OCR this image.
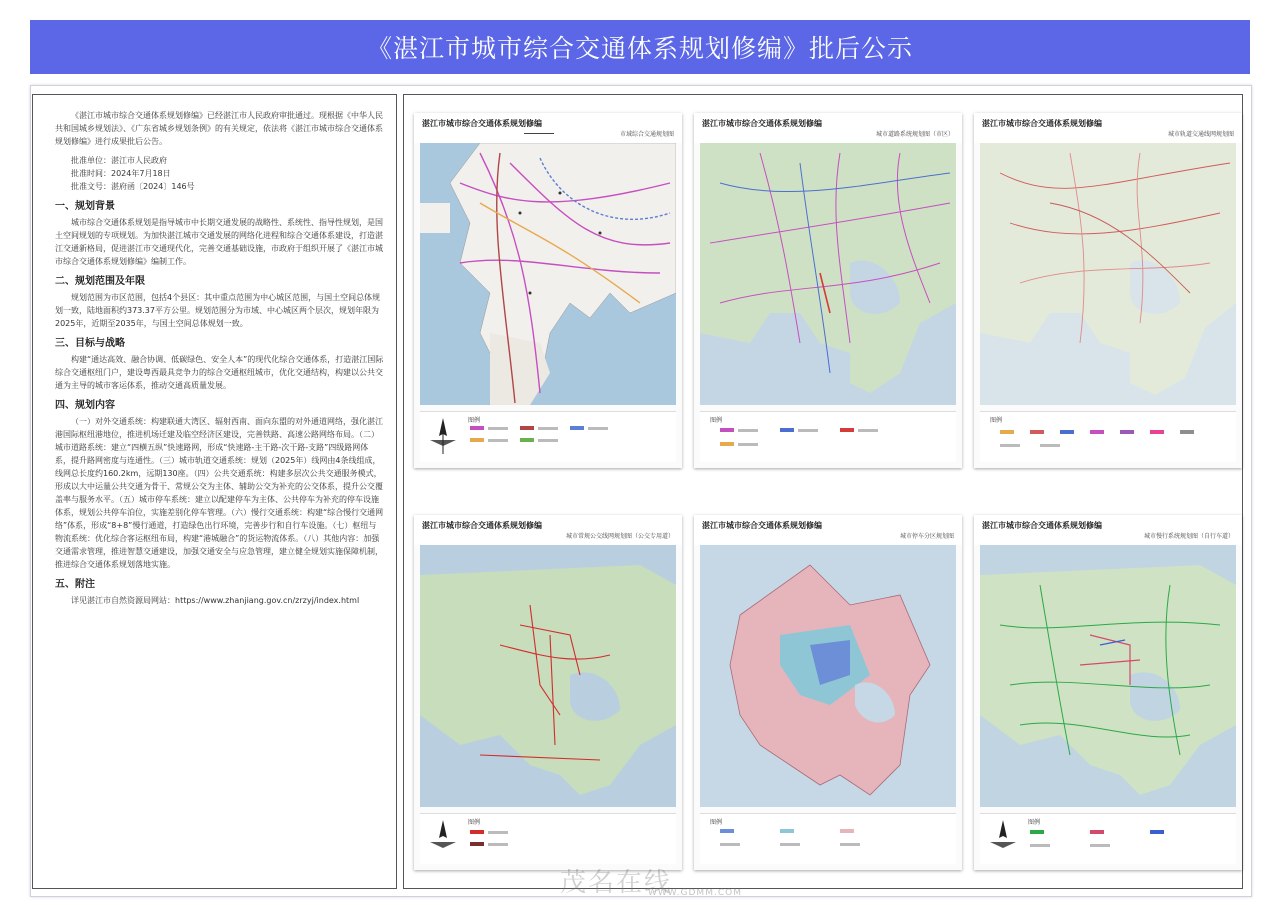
《湛江市城市综合交通体系规划修编》批后公示

《湛江市城市综合交通体系规划修编》已经湛江市人民政府审批通过。现根据《中华人民共和国城乡规划法》、《广东省城乡规划条例》的有关规定，依法将《湛江市城市综合交通体系规划修编》进行成果批后公告。

批准单位：湛江市人民政府
批准时间：2024年7月18日
批准文号：湛府函〔2024〕146号
一、规划背景

城市综合交通体系规划是指导城市中长期交通发展的战略性、系统性、指导性规划，是国土空间规划的专项规划。为加快湛江城市交通发展的网络化进程和综合交通体系建设，打造湛江交通新格局，促进湛江市交通现代化，完善交通基础设施，市政府于组织开展了《湛江市城市综合交通体系规划修编》编制工作。

二、规划范围及年限

规划范围为市区范围，包括4个县区：其中重点范围为中心城区范围，与国土空间总体规划一致，陆地面积约373.37平方公里。规划范围分为市域、中心城区两个层次，规划年限为2025年，近期至2035年，与国土空间总体规划一致。

三、目标与战略

构建“通达高效、融合协调、低碳绿色、安全人本”的现代化综合交通体系，打造湛江国际综合交通枢纽门户，建设粤西最具竞争力的综合交通枢纽城市，优化交通结构，构建以公共交通为主导的城市客运体系，推动交通高质量发展。

四、规划内容

（一）对外交通系统：构建联通大湾区、辐射西南、面向东盟的对外通道网络，强化湛江港国际枢纽港地位，推进机场迁建及临空经济区建设，完善铁路、高速公路网络布局。（二）城市道路系统：建立“四横五纵”快速路网，形成“快速路-主干路-次干路-支路”四级路网体系，提升路网密度与连通性。（三）城市轨道交通系统：规划（2025年）线网由4条线组成，线网总长度约160.2km，远期130座。（四）公共交通系统：构建多层次公共交通服务模式，形成以大中运量公共交通为骨干、常规公交为主体、辅助公交为补充的公交体系，提升公交覆盖率与服务水平。（五）城市停车系统：建立以配建停车为主体、公共停车为补充的停车设施体系，规划公共停车泊位，实施差别化停车管理。（六）慢行交通系统：构建“综合慢行交通网络”体系，形成“8+8”慢行通道，打造绿色出行环境，完善步行和自行车设施。（七）枢纽与物流系统：优化综合客运枢纽布局，构建“港城融合”的货运物流体系。（八）其他内容：加强交通需求管理，推进智慧交通建设，加强交通安全与应急管理，建立健全规划实施保障机制，推进综合交通体系规划落地实施。

五、附注

详见湛江市自然资源局网站：https://www.zhanjiang.gov.cn/zrzyj/index.html

湛江市城市综合交通体系规划修编
市域综合交通规划图
图例
湛江市城市综合交通体系规划修编
城市道路系统规划图（市区）
图例
湛江市城市综合交通体系规划修编
城市轨道交通线网规划图
图例
湛江市城市综合交通体系规划修编
城市常规公交线网规划图（公交专用道）
图例
湛江市城市综合交通体系规划修编
城市停车分区规划图
图例
湛江市城市综合交通体系规划修编
城市慢行系统规划图（自行车道）
图例
茂名在线
WWW.GDMM.COM
